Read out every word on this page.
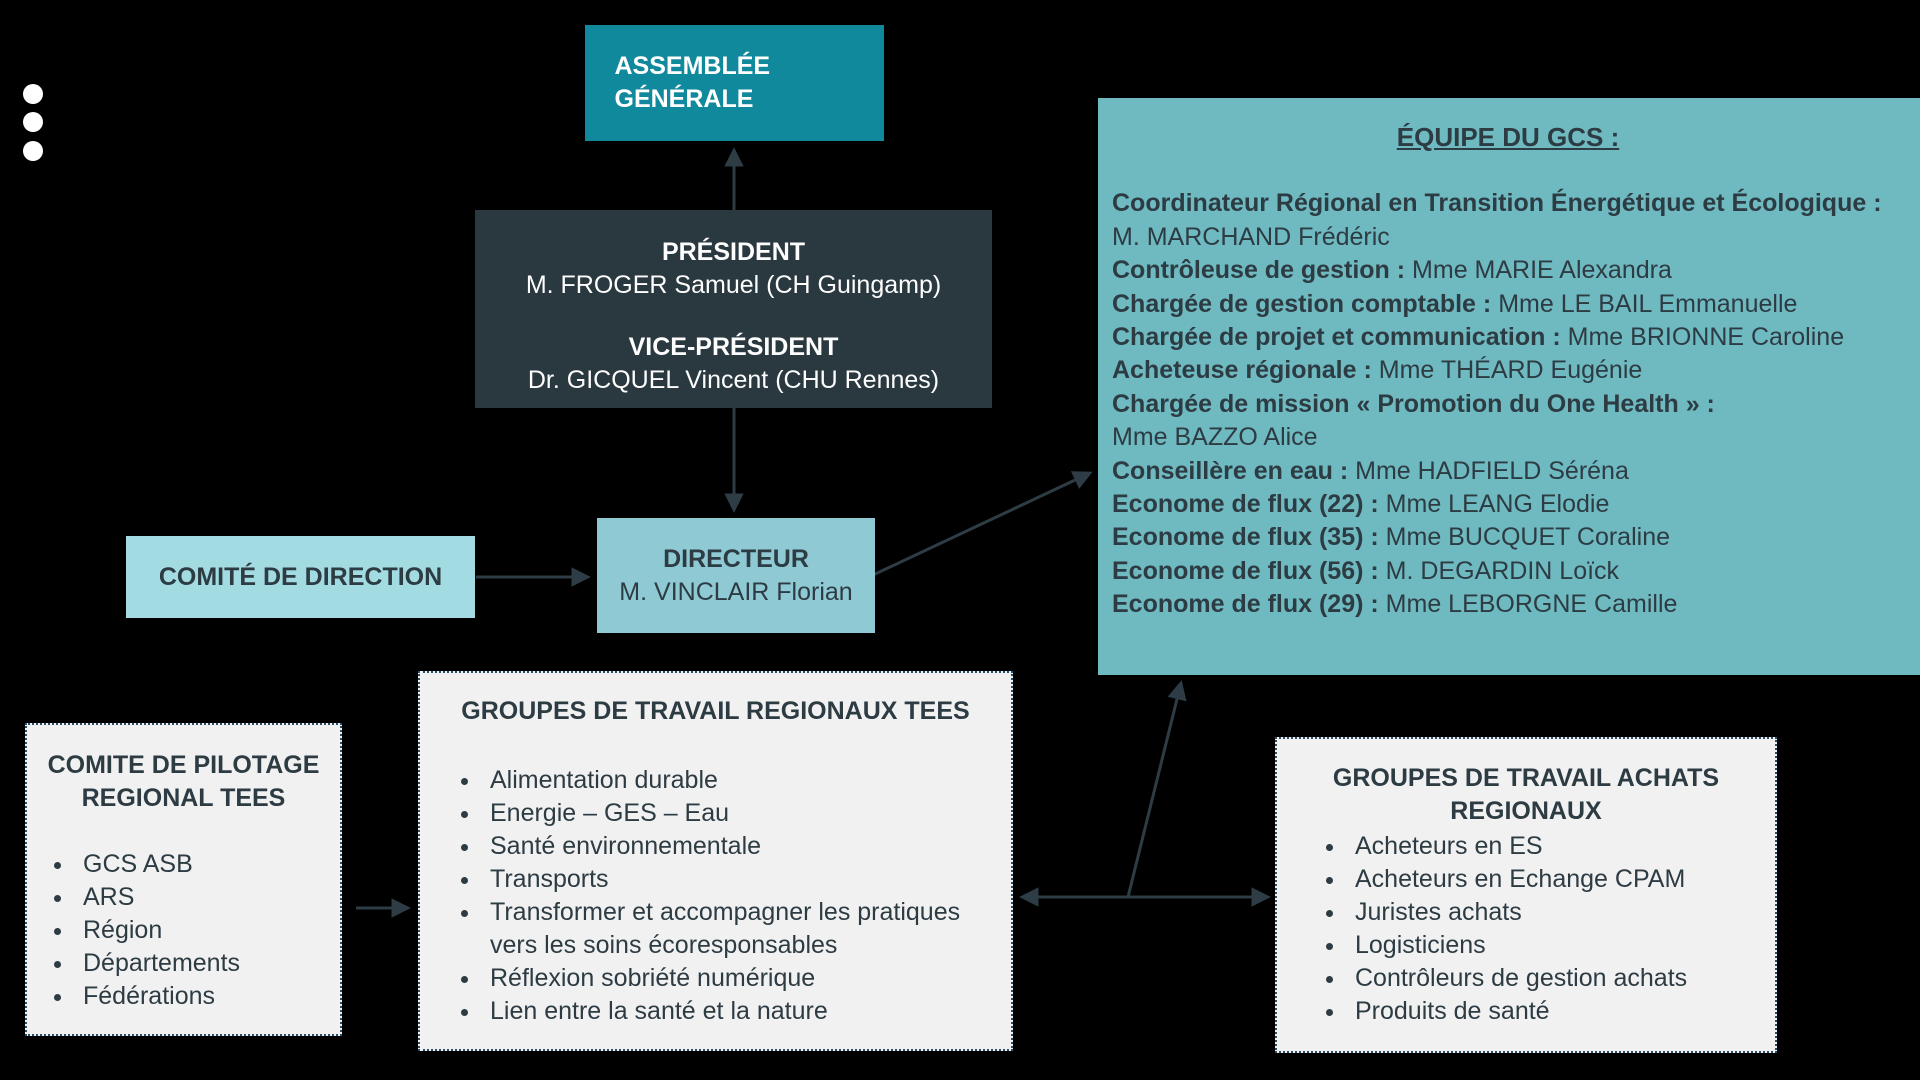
ASSEMBLÉE GÉNÉRALE
PRÉSIDENT
M. FROGER Samuel (CH Guingamp)
VICE-PRÉSIDENT
Dr. GICQUEL Vincent (CHU Rennes)
COMITÉ DE DIRECTION
DIRECTEUR
M. VINCLAIR Florian
ÉQUIPE DU GCS :
Coordinateur Régional en Transition Énergétique et Écologique :
M. MARCHAND Frédéric
Contrôleuse de gestion : Mme MARIE Alexandra
Chargée de gestion comptable : Mme LE BAIL Emmanuelle
Chargée de projet et communication : Mme BRIONNE Caroline
Acheteuse régionale : Mme THÉARD Eugénie
Chargée de mission « Promotion du One Health » :
Mme BAZZO Alice
Conseillère en eau : Mme HADFIELD Séréna
Econome de flux (22) : Mme LEANG Elodie
Econome de flux (35) : Mme BUCQUET Coraline
Econome de flux (56) : M. DEGARDIN Loïck
Econome de flux (29) : Mme LEBORGNE Camille
COMITE DE PILOTAGE REGIONAL TEES
• GCS ASB
• ARS
• Région
• Départements
• Fédérations
GROUPES DE TRAVAIL REGIONAUX TEES
• Alimentation durable
• Energie – GES – Eau
• Santé environnementale
• Transports
• Transformer et accompagner les pratiques vers les soins écoresponsables
• Réflexion sobriété numérique
• Lien entre la santé et la nature
GROUPES DE TRAVAIL ACHATS REGIONAUX
• Acheteurs en ES
• Acheteurs en Echange CPAM
• Juristes achats
• Logisticiens
• Contrôleurs de gestion achats
• Produits de santé
